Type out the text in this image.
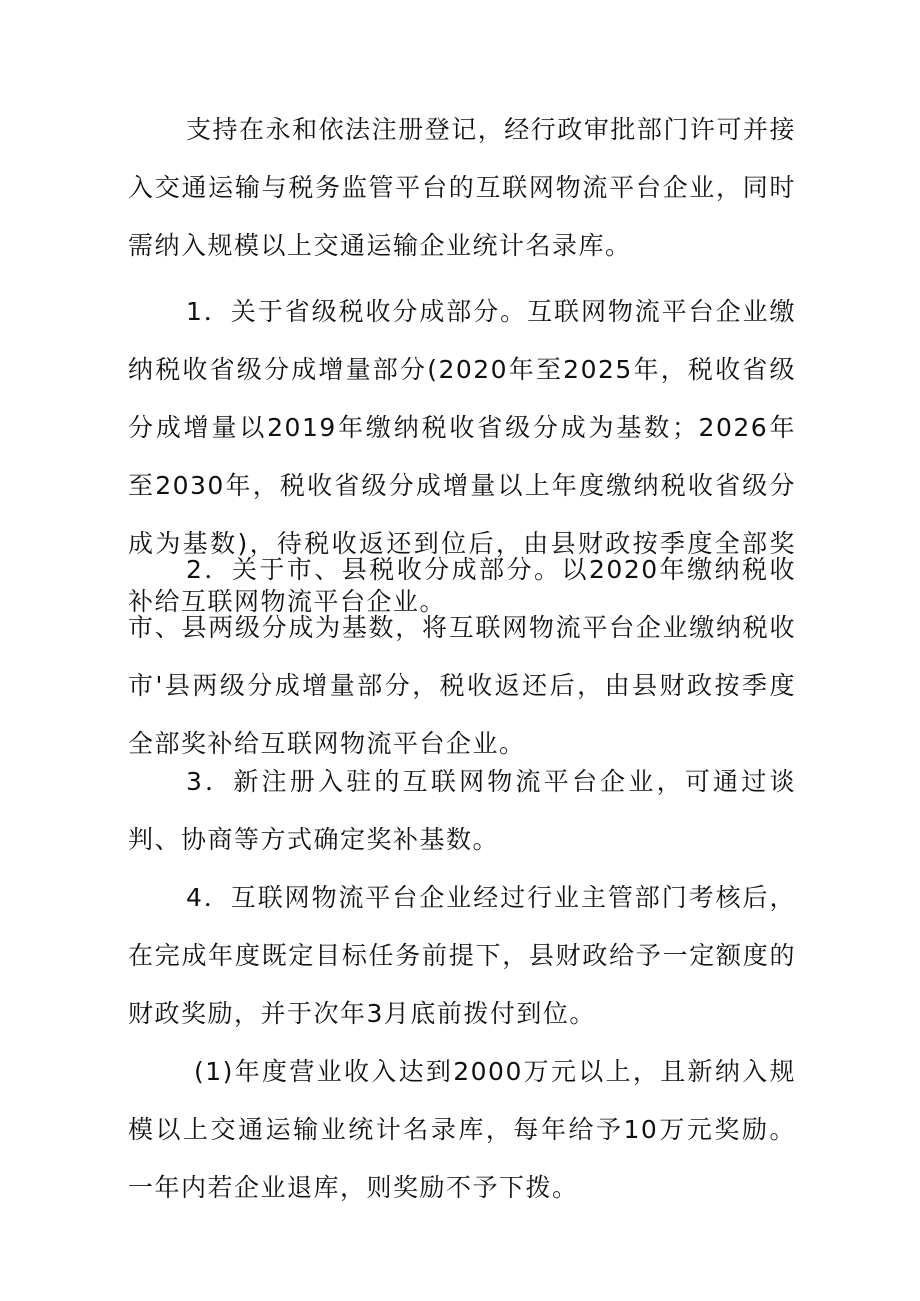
支持在永和依法注册登记，经行政审批部门许可并接入交通运输与税务监管平台的互联网物流平台企业，同时需纳入规模以上交通运输企业统计名录库。

1．关于省级税收分成部分。互联网物流平台企业缴纳税收省级分成增量部分(2020年至2025年，税收省级分成增量以2019年缴纳税收省级分成为基数；2026年至2030年，税收省级分成增量以上年度缴纳税收省级分成为基数)，待税收返还到位后，由县财政按季度全部奖补给互联网物流平台企业。

2．关于市、县税收分成部分。以2020年缴纳税收市、县两级分成为基数，将互联网物流平台企业缴纳税收市'县两级分成增量部分，税收返还后，由县财政按季度全部奖补给互联网物流平台企业。

3．新注册入驻的互联网物流平台企业，可通过谈判、协商等方式确定奖补基数。

4．互联网物流平台企业经过行业主管部门考核后，在完成年度既定目标任务前提下，县财政给予一定额度的财政奖励，并于次年3月底前拨付到位。

(1)年度营业收入达到2000万元以上，且新纳入规模以上交通运输业统计名录库，每年给予10万元奖励。一年内若企业退库，则奖励不予下拨。
